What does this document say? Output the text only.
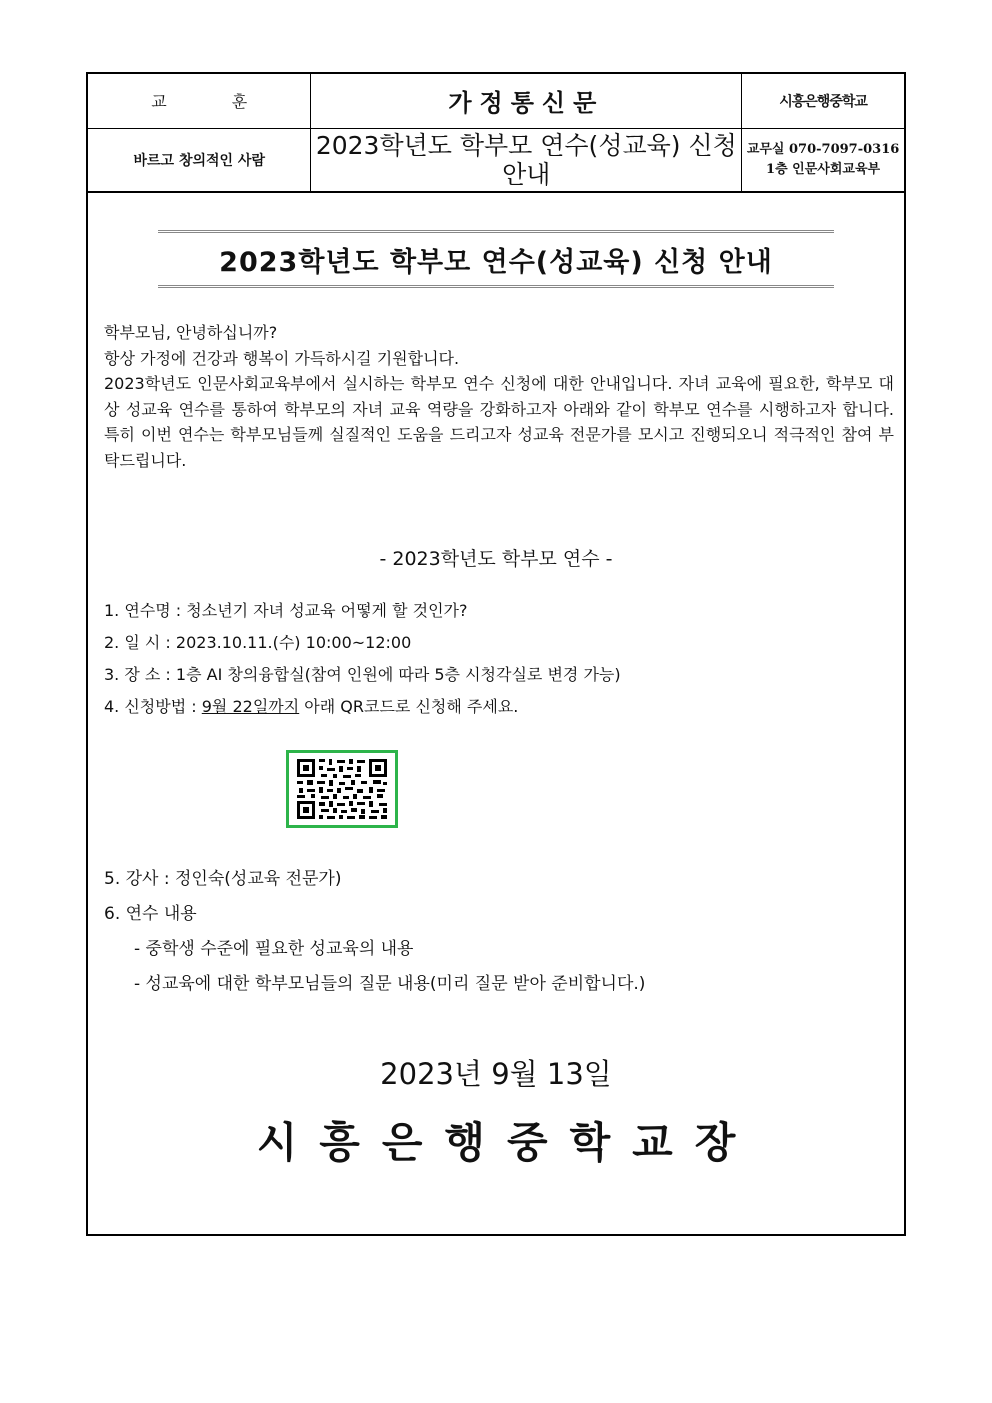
교 훈	가정통신문	시흥은행중학교
바르고 창의적인 사람	2023학년도 학부모 연수(성교육) 신청 안내	교무실 070-7097-0316
1층 인문사회교육부
2023학년도 학부모 연수(성교육) 신청 안내

학부모님, 안녕하십니까?

항상 가정에 건강과 행복이 가득하시길 기원합니다.

2023학년도 인문사회교육부에서 실시하는 학부모 연수 신청에 대한 안내입니다. 자녀 교육에 필요한, 학부모 대상 성교육 연수를 통하여 학부모의 자녀 교육 역량을 강화하고자 아래와 같이 학부모 연수를 시행하고자 합니다. 특히 이번 연수는 학부모님들께 실질적인 도움을 드리고자 성교육 전문가를 모시고 진행되오니 적극적인 참여 부탁드립니다.

- 2023학년도 학부모 연수 -
1. 연수명 : 청소년기 자녀 성교육 어떻게 할 것인가?
2. 일 시 : 2023.10.11.(수) 10:00~12:00
3. 장 소 : 1층 AI 창의융합실(참여 인원에 따라 5층 시청각실로 변경 가능)
4. 신청방법 : 9월 22일까지 아래 QR코드로 신청해 주세요.
5. 강사 : 정인숙(성교육 전문가)
6. 연수 내용
- 중학생 수준에 필요한 성교육의 내용
- 성교육에 대한 학부모님들의 질문 내용(미리 질문 받아 준비합니다.)
2023년 9월 13일
시흥은행중학교장
